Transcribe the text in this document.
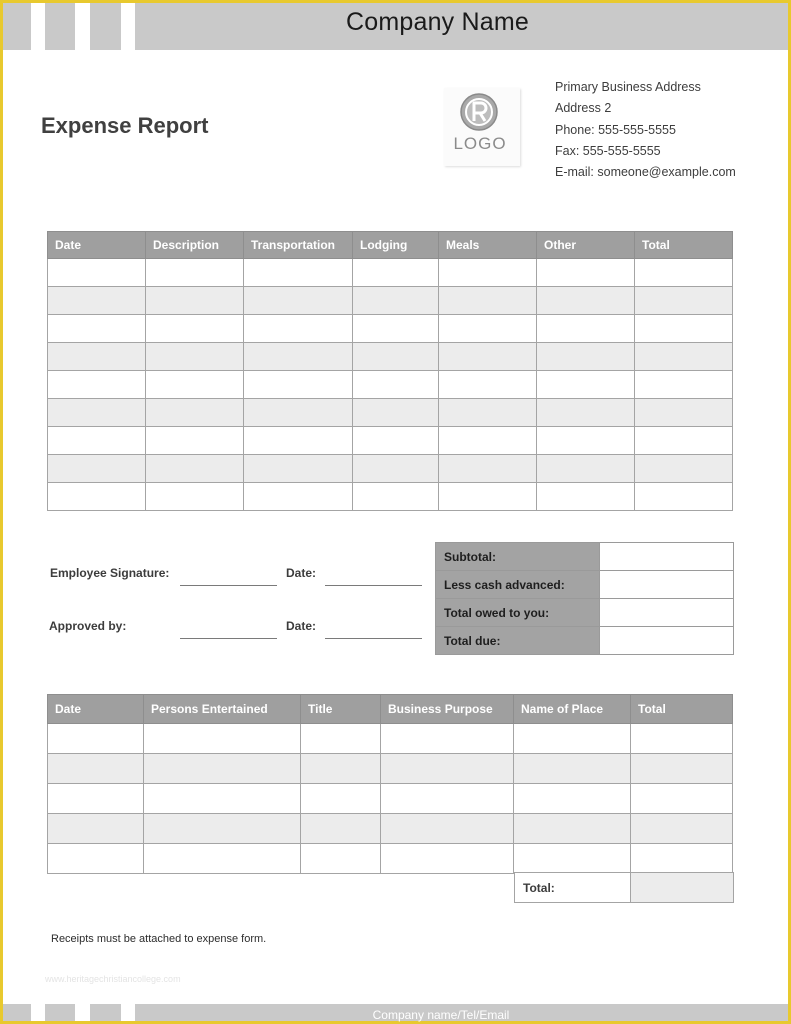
Company Name
Expense Report
LOGO
Primary Business Address
Address 2
Phone: 555-555-5555
Fax: 555-555-5555
E-mail: someone@example.com
Date	Description	Transportation	Lodging	Meals	Other	Total

Employee Signature:	Date:
Approved by:	Date:
Subtotal:	
Less cash advanced:	
Total owed to you:	
Total due:	
Date	Persons Entertained	Title	Business Purpose	Name of Place	Total

Total:
Receipts must be attached to expense form.
www.heritagechristiancollege.com
Company name/Tel/Email
